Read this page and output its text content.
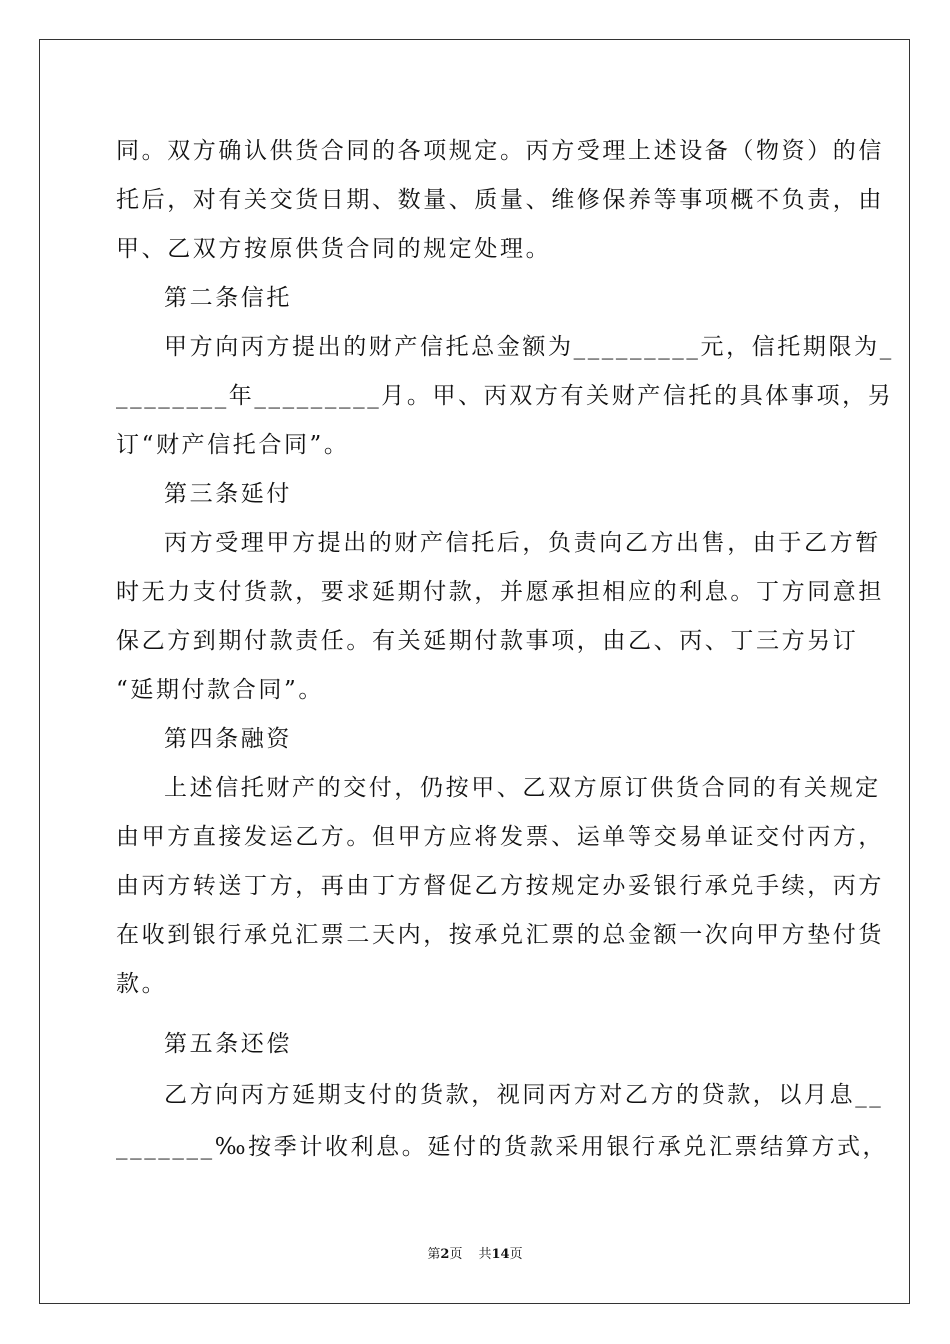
同。双方确认供货合同的各项规定。丙方受理上述设备（物资）的信
托后，对有关交货日期、数量、质量、维修保养等事项概不负责，由
甲、乙双方按原供货合同的规定处理。
第二条信托
甲方向丙方提出的财产信托总金额为_________元，信托期限为_
________年_________月。甲、丙双方有关财产信托的具体事项，另
订“财产信托合同”。
第三条延付
丙方受理甲方提出的财产信托后，负责向乙方出售，由于乙方暂
时无力支付货款，要求延期付款，并愿承担相应的利息。丁方同意担
保乙方到期付款责任。有关延期付款事项，由乙、丙、丁三方另订
“延期付款合同”。
第四条融资
上述信托财产的交付，仍按甲、乙双方原订供货合同的有关规定
由甲方直接发运乙方。但甲方应将发票、运单等交易单证交付丙方，
由丙方转送丁方，再由丁方督促乙方按规定办妥银行承兑手续，丙方
在收到银行承兑汇票二天内，按承兑汇票的总金额一次向甲方垫付货
款。
第五条还偿
乙方向丙方延期支付的货款，视同丙方对乙方的贷款，以月息__
_______‰按季计收利息。延付的货款采用银行承兑汇票结算方式，
第2页 共14页
